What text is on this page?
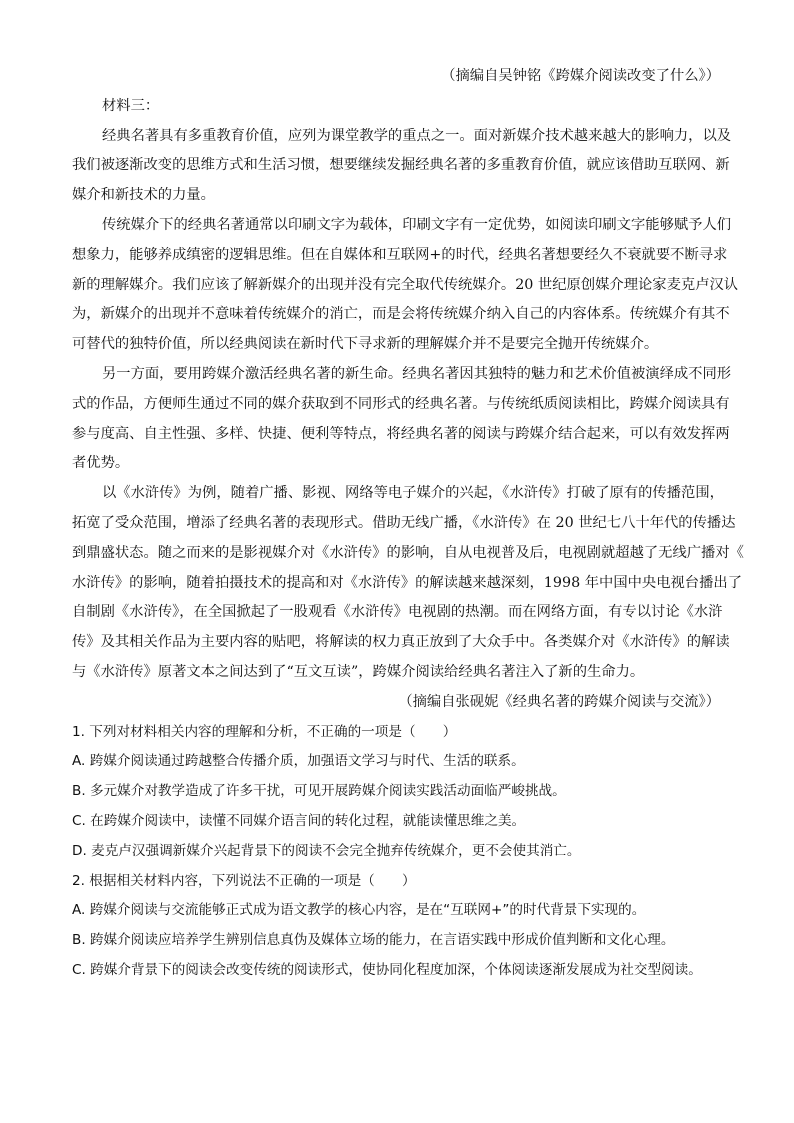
（摘编自吴钟铭《跨媒介阅读改变了什么》）
材料三：
经典名著具有多重教育价值，应列为课堂教学的重点之一。面对新媒介技术越来越大的影响力，以及
我们被逐渐改变的思维方式和生活习惯，想要继续发掘经典名著的多重教育价值，就应该借助互联网、新
媒介和新技术的力量。
传统媒介下的经典名著通常以印刷文字为载体，印刷文字有一定优势，如阅读印刷文字能够赋予人们
想象力，能够养成缜密的逻辑思维。但在自媒体和互联网+的时代，经典名著想要经久不衰就要不断寻求
新的理解媒介。我们应该了解新媒介的出现并没有完全取代传统媒介。20 世纪原创媒介理论家麦克卢汉认
为，新媒介的出现并不意味着传统媒介的消亡，而是会将传统媒介纳入自己的内容体系。传统媒介有其不
可替代的独特价值，所以经典阅读在新时代下寻求新的理解媒介并不是要完全抛开传统媒介。
另一方面，要用跨媒介激活经典名著的新生命。经典名著因其独特的魅力和艺术价值被演绎成不同形
式的作品，方便师生通过不同的媒介获取到不同形式的经典名著。与传统纸质阅读相比，跨媒介阅读具有
参与度高、自主性强、多样、快捷、便利等特点，将经典名著的阅读与跨媒介结合起来，可以有效发挥两
者优势。
以《水浒传》为例，随着广播、影视、网络等电子媒介的兴起，《水浒传》打破了原有的传播范围，
拓宽了受众范围，增添了经典名著的表现形式。借助无线广播，《水浒传》在 20 世纪七八十年代的传播达
到鼎盛状态。随之而来的是影视媒介对《水浒传》的影响，自从电视普及后，电视剧就超越了无线广播对《
水浒传》的影响，随着拍摄技术的提高和对《水浒传》的解读越来越深刻，1998 年中国中央电视台播出了
自制剧《水浒传》，在全国掀起了一股观看《水浒传》电视剧的热潮。而在网络方面，有专以讨论《水浒
传》及其相关作品为主要内容的贴吧，将解读的权力真正放到了大众手中。各类媒介对《水浒传》的解读
与《水浒传》原著文本之间达到了“互文互读”，跨媒介阅读给经典名著注入了新的生命力。
（摘编自张砚妮《经典名著的跨媒介阅读与交流》）
1. 下列对材料相关内容的理解和分析，不正确的一项是（　　）
A. 跨媒介阅读通过跨越整合传播介质，加强语文学习与时代、生活的联系。
B. 多元媒介对教学造成了许多干扰，可见开展跨媒介阅读实践活动面临严峻挑战。
C. 在跨媒介阅读中，读懂不同媒介语言间的转化过程，就能读懂思维之美。
D. 麦克卢汉强调新媒介兴起背景下的阅读不会完全抛弃传统媒介，更不会使其消亡。
2. 根据相关材料内容，下列说法不正确的一项是（　　）
A. 跨媒介阅读与交流能够正式成为语文教学的核心内容，是在“互联网+”的时代背景下实现的。
B. 跨媒介阅读应培养学生辨别信息真伪及媒体立场的能力，在言语实践中形成价值判断和文化心理。
C. 跨媒介背景下的阅读会改变传统的阅读形式，使协同化程度加深，个体阅读逐渐发展成为社交型阅读。
